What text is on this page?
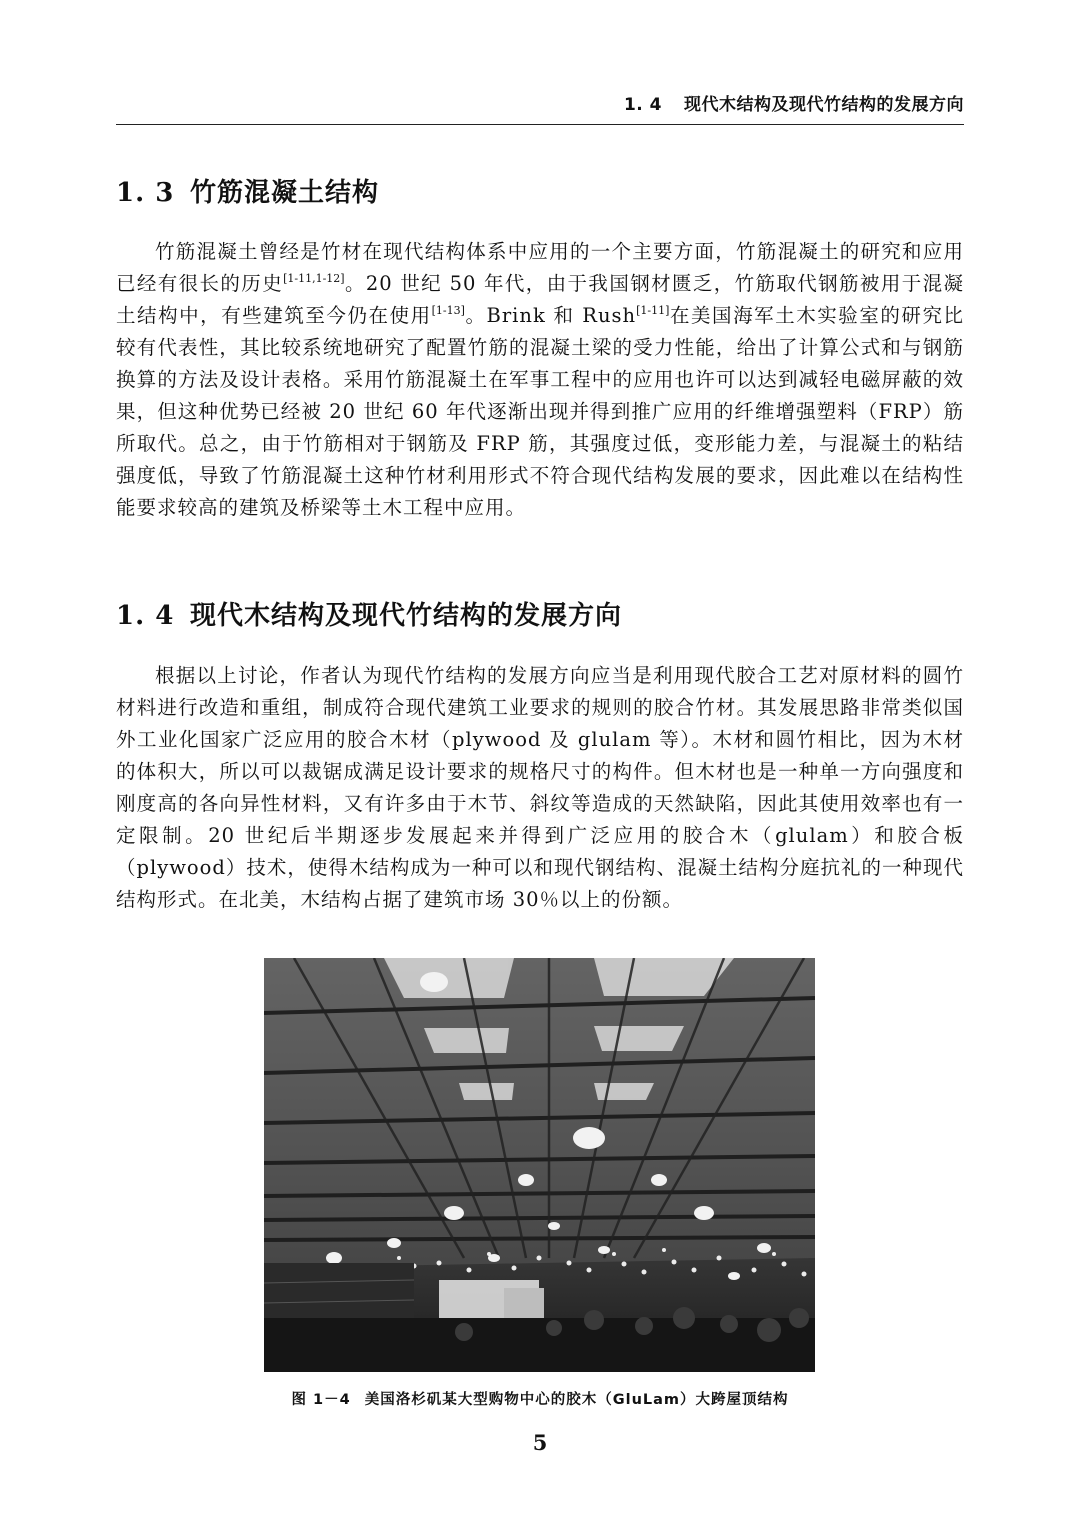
1. 4 现代木结构及现代竹结构的发展方向
1. 3 竹筋混凝土结构

竹筋混凝土曾经是竹材在现代结构体系中应用的一个主要方面，竹筋混凝土的研究和应用已经有很长的历史[1-11,1-12]。20 世纪 50 年代，由于我国钢材匮乏，竹筋取代钢筋被用于混凝土结构中，有些建筑至今仍在使用[1-13]。Brink 和 Rush[1-11]在美国海军土木实验室的研究比较有代表性，其比较系统地研究了配置竹筋的混凝土梁的受力性能，给出了计算公式和与钢筋换算的方法及设计表格。采用竹筋混凝土在军事工程中的应用也许可以达到减轻电磁屏蔽的效果，但这种优势已经被 20 世纪 60 年代逐渐出现并得到推广应用的纤维增强塑料（FRP）筋所取代。总之，由于竹筋相对于钢筋及 FRP 筋，其强度过低，变形能力差，与混凝土的粘结强度低，导致了竹筋混凝土这种竹材利用形式不符合现代结构发展的要求，因此难以在结构性能要求较高的建筑及桥梁等土木工程中应用。

1. 4 现代木结构及现代竹结构的发展方向

根据以上讨论，作者认为现代竹结构的发展方向应当是利用现代胶合工艺对原材料的圆竹材料进行改造和重组，制成符合现代建筑工业要求的规则的胶合竹材。其发展思路非常类似国外工业化国家广泛应用的胶合木材（plywood 及 glulam 等）。木材和圆竹相比，因为木材的体积大，所以可以裁锯成满足设计要求的规格尺寸的构件。但木材也是一种单一方向强度和刚度高的各向异性材料，又有许多由于木节、斜纹等造成的天然缺陷，因此其使用效率也有一定限制。20 世纪后半期逐步发展起来并得到广泛应用的胶合木（glulam）和胶合板（plywood）技术，使得木结构成为一种可以和现代钢结构、混凝土结构分庭抗礼的一种现代结构形式。在北美，木结构占据了建筑市场 30％以上的份额。

图 1－4 美国洛杉矶某大型购物中心的胶木（GluLam）大跨屋顶结构
5
